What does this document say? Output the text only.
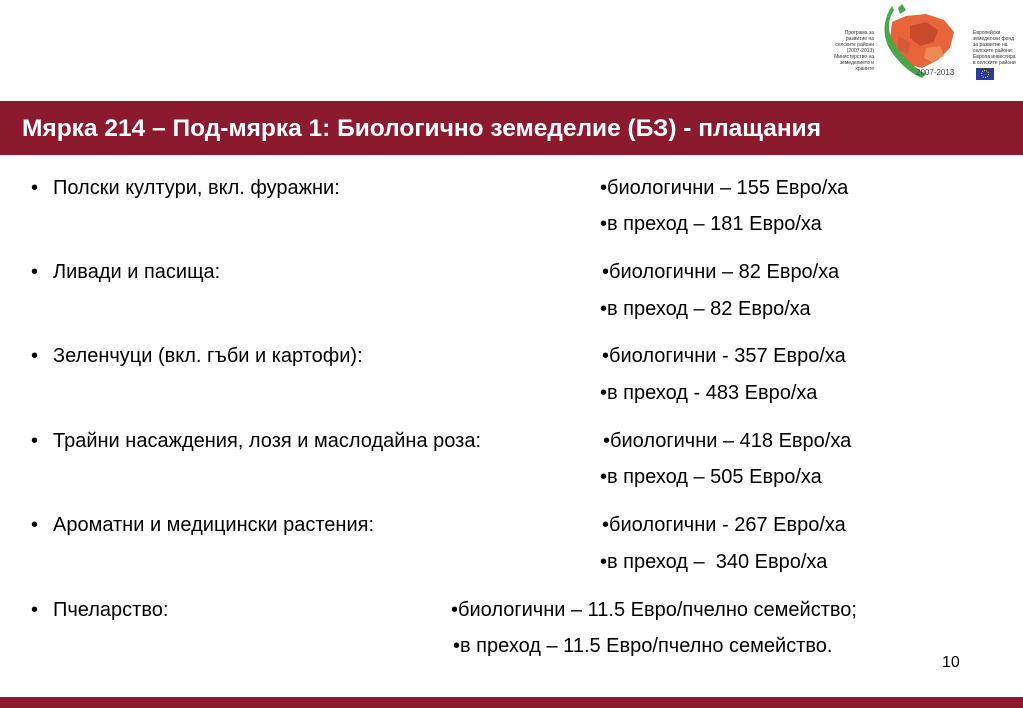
Програма за развитие на селските райони (2007-2013) Министерство на земеделието и храните	2007-2013
Европейски земеделски фонд за развитие на селските райони: Европа инвестира в селските райони
Мярка 214 – Под-мярка 1: Биологично земеделие (БЗ) - плащания
• Полски култури, вкл. фуражни:	•биологични – 155 Евро/ха
•в преход – 181 Евро/ха
• Ливади и пасища:	•биологични – 82 Евро/ха
•в преход – 82 Евро/ха
• Зеленчуци (вкл. гъби и картофи):	•биологични - 357 Евро/ха
•в преход - 483 Евро/ха
• Трайни насаждения, лозя и маслодайна роза:	•биологични – 418 Евро/ха
•в преход – 505 Евро/ха
• Ароматни и медицински растения:	•биологични - 267 Евро/ха
•в преход –  340 Евро/ха
• Пчеларство:	•биологични – 11.5 Евро/пчелно семейство;
•в преход – 11.5 Евро/пчелно семейство.
10
